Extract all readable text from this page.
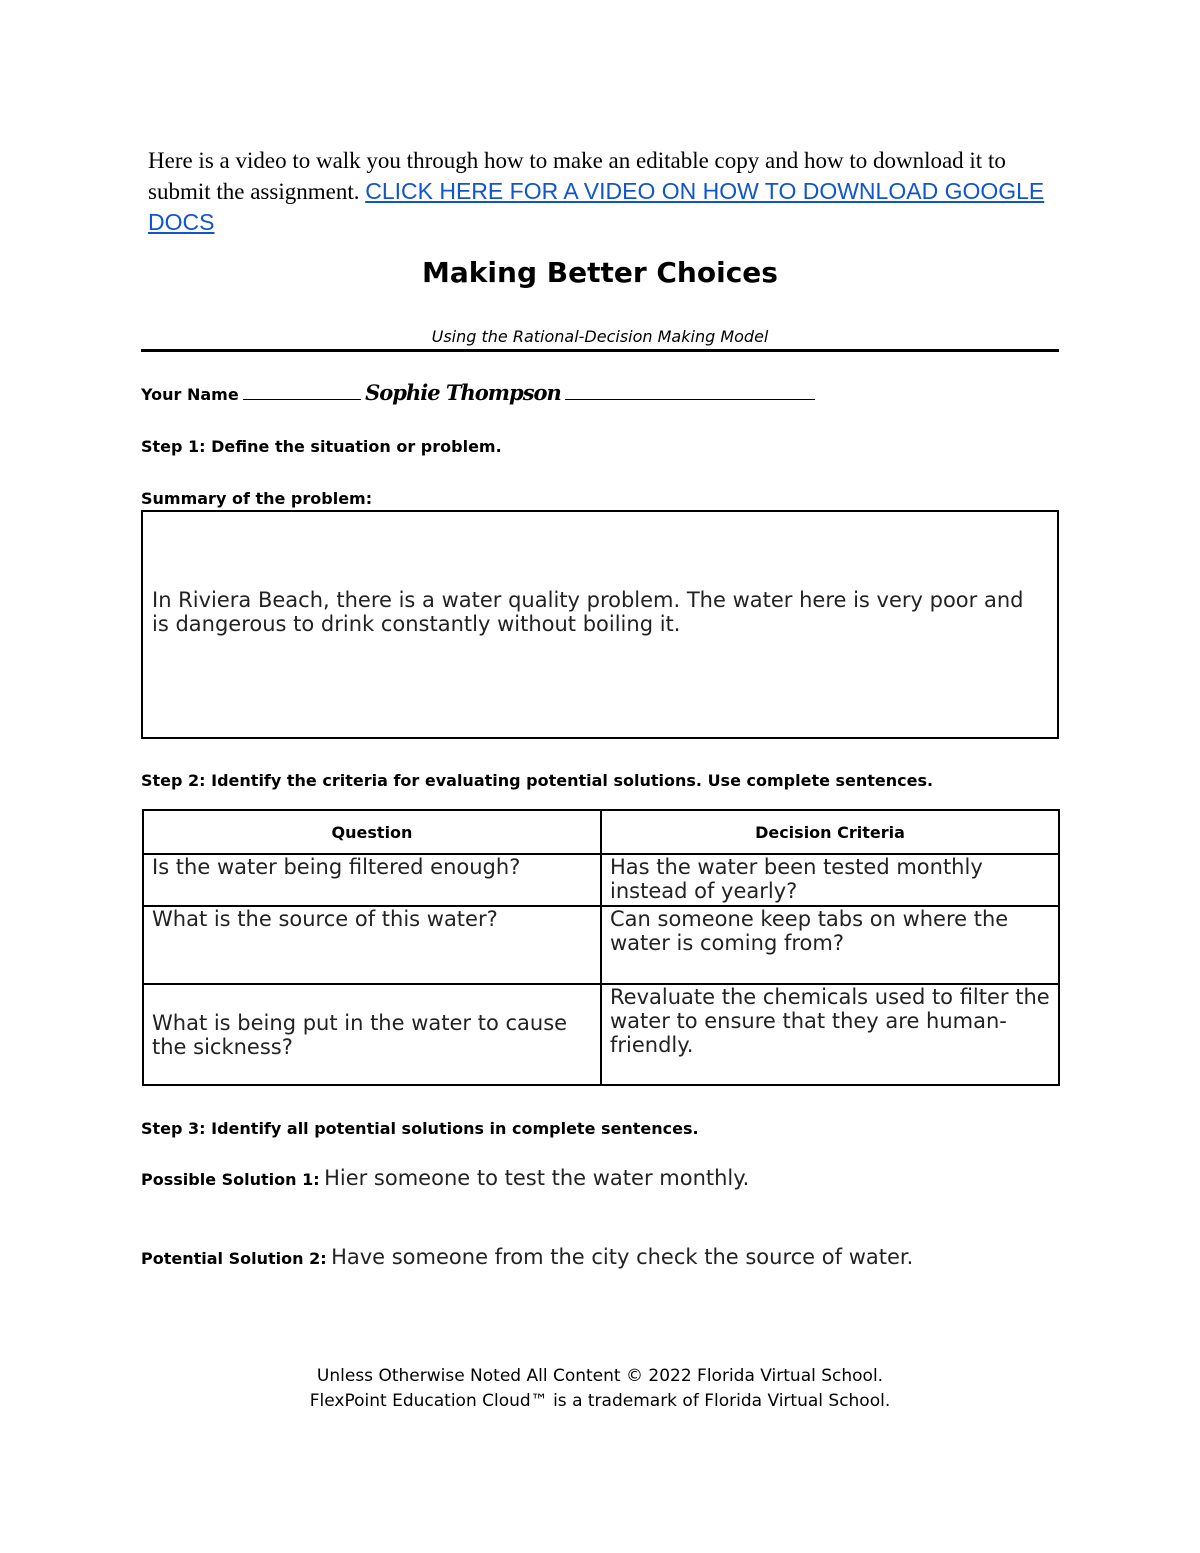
Here is a video to walk you through how to make an editable copy and how to download it to submit the assignment. CLICK HERE FOR A VIDEO ON HOW TO DOWNLOAD GOOGLE DOCS
Making Better Choices
Using the Rational-Decision Making Model
Your Name	Sophie Thompson
Step 1: Define the situation or problem.
Summary of the problem:
In Riviera Beach, there is a water quality problem. The water here is very poor and is dangerous to drink constantly without boiling it.
Step 2: Identify the criteria for evaluating potential solutions. Use complete sentences.
Question	Decision Criteria
Is the water being filtered enough?	Has the water been tested monthly instead of yearly?
What is the source of this water?	Can someone keep tabs on where the water is coming from?
What is being put in the water to cause the sickness?	Revaluate the chemicals used to filter the water to ensure that they are human-friendly.
Step 3: Identify all potential solutions in complete sentences.
Possible Solution 1: Hier someone to test the water monthly.
Potential Solution 2: Have someone from the city check the source of water.
Unless Otherwise Noted All Content © 2022 Florida Virtual School.
FlexPoint Education Cloud™ is a trademark of Florida Virtual School.
